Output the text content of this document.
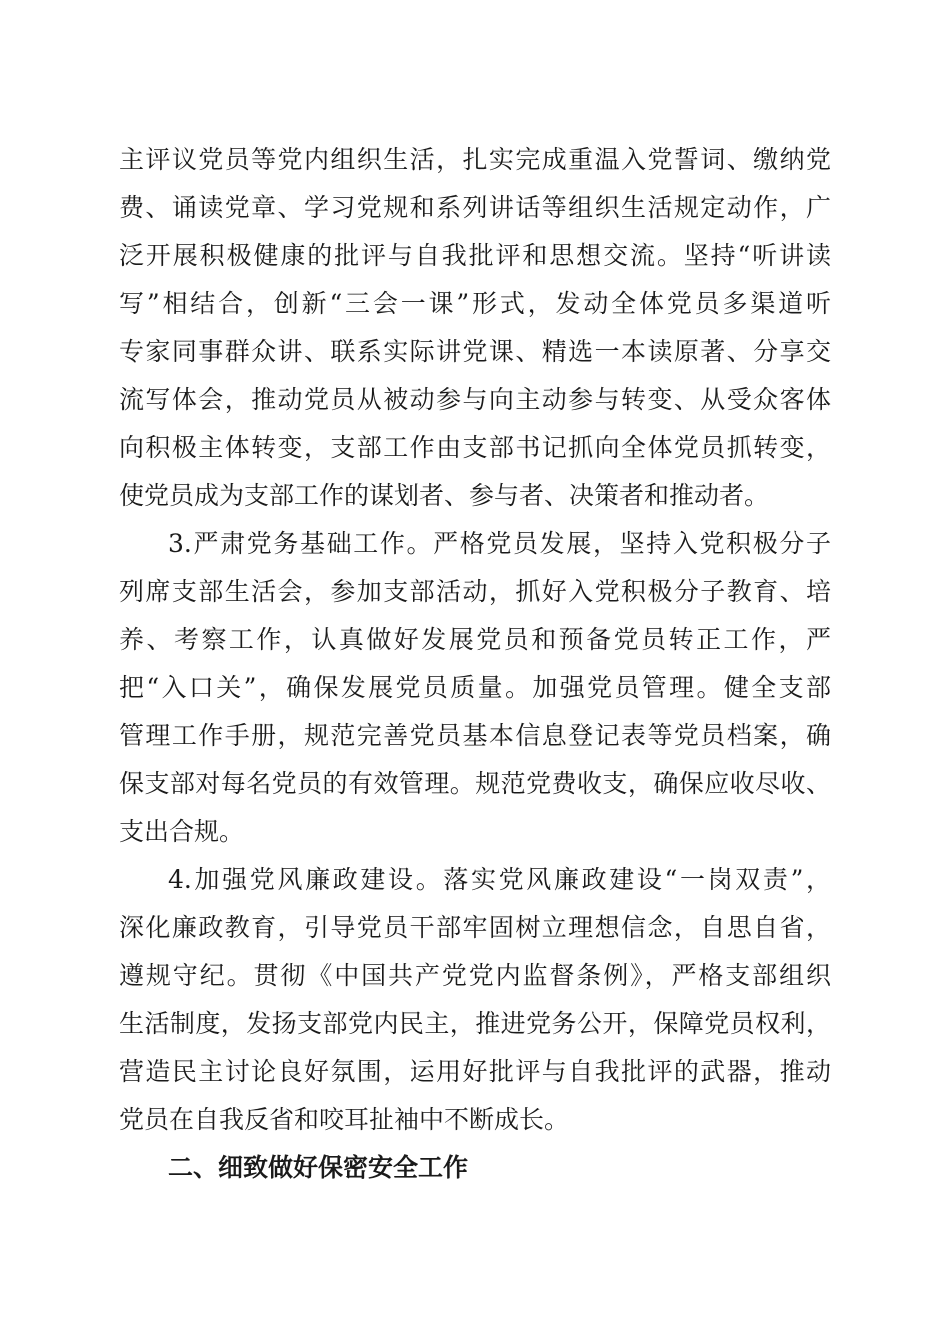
主评议党员等党内组织生活，扎实完成重温入党誓词、缴纳党
费、诵读党章、学习党规和系列讲话等组织生活规定动作，广
泛开展积极健康的批评与自我批评和思想交流。坚持“听讲读
写”相结合，创新“三会一课”形式，发动全体党员多渠道听
专家同事群众讲、联系实际讲党课、精选一本读原著、分享交
流写体会，推动党员从被动参与向主动参与转变、从受众客体
向积极主体转变，支部工作由支部书记抓向全体党员抓转变，
使党员成为支部工作的谋划者、参与者、决策者和推动者。
3.严肃党务基础工作。严格党员发展，坚持入党积极分子
列席支部生活会，参加支部活动，抓好入党积极分子教育、培
养、考察工作，认真做好发展党员和预备党员转正工作，严
把“入口关”，确保发展党员质量。加强党员管理。健全支部
管理工作手册，规范完善党员基本信息登记表等党员档案，确
保支部对每名党员的有效管理。规范党费收支，确保应收尽收、
支出合规。
4.加强党风廉政建设。落实党风廉政建设“一岗双责”，
深化廉政教育，引导党员干部牢固树立理想信念，自思自省，
遵规守纪。贯彻《中国共产党党内监督条例》，严格支部组织
生活制度，发扬支部党内民主，推进党务公开，保障党员权利，
营造民主讨论良好氛围，运用好批评与自我批评的武器，推动
党员在自我反省和咬耳扯袖中不断成长。
二、细致做好保密安全工作
